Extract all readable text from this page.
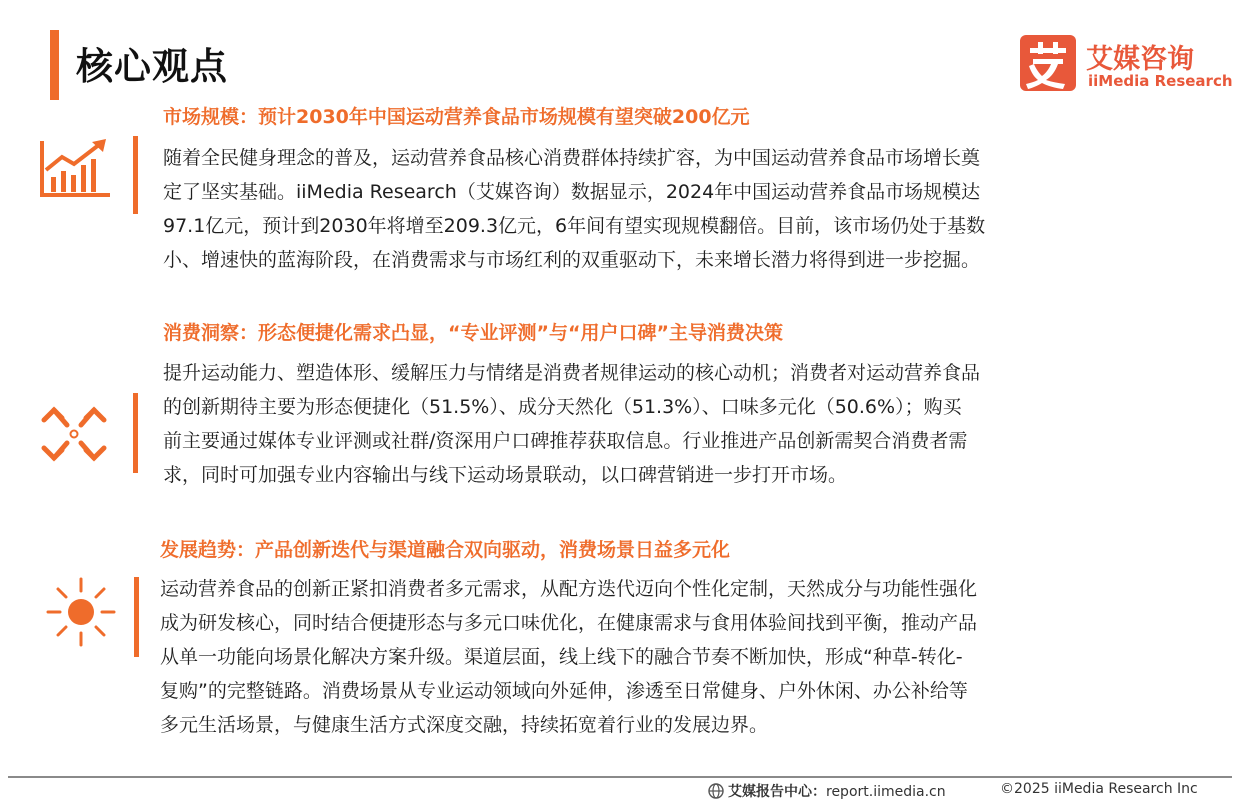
核心观点	艾媒咨询
iiMedia Research
市场规模：预计2030年中国运动营养食品市场规模有望突破200亿元
随着全民健身理念的普及，运动营养食品核心消费群体持续扩容，为中国运动营养食品市场增长奠
定了坚实基础。iiMedia Research（艾媒咨询）数据显示，2024年中国运动营养食品市场规模达
97.1亿元，预计到2030年将增至209.3亿元，6年间有望实现规模翻倍。目前，该市场仍处于基数
小、增速快的蓝海阶段，在消费需求与市场红利的双重驱动下，未来增长潜力将得到进一步挖掘。
消费洞察：形态便捷化需求凸显，“专业评测”与“用户口碑”主导消费决策
提升运动能力、塑造体形、缓解压力与情绪是消费者规律运动的核心动机；消费者对运动营养食品
的创新期待主要为形态便捷化（51.5%）、成分天然化（51.3%）、口味多元化（50.6%）；购买
前主要通过媒体专业评测或社群/资深用户口碑推荐获取信息。行业推进产品创新需契合消费者需
求，同时可加强专业内容输出与线下运动场景联动，以口碑营销进一步打开市场。
发展趋势：产品创新迭代与渠道融合双向驱动，消费场景日益多元化
运动营养食品的创新正紧扣消费者多元需求，从配方迭代迈向个性化定制，天然成分与功能性强化
成为研发核心，同时结合便捷形态与多元口味优化，在健康需求与食用体验间找到平衡，推动产品
从单一功能向场景化解决方案升级。渠道层面，线上线下的融合节奏不断加快，形成“种草-转化-
复购”的完整链路。消费场景从专业运动领域向外延伸，渗透至日常健身、户外休闲、办公补给等
多元生活场景，与健康生活方式深度交融，持续拓宽着行业的发展边界。
艾媒报告中心：report.iimedia.cn	©2025 iiMedia Research Inc
